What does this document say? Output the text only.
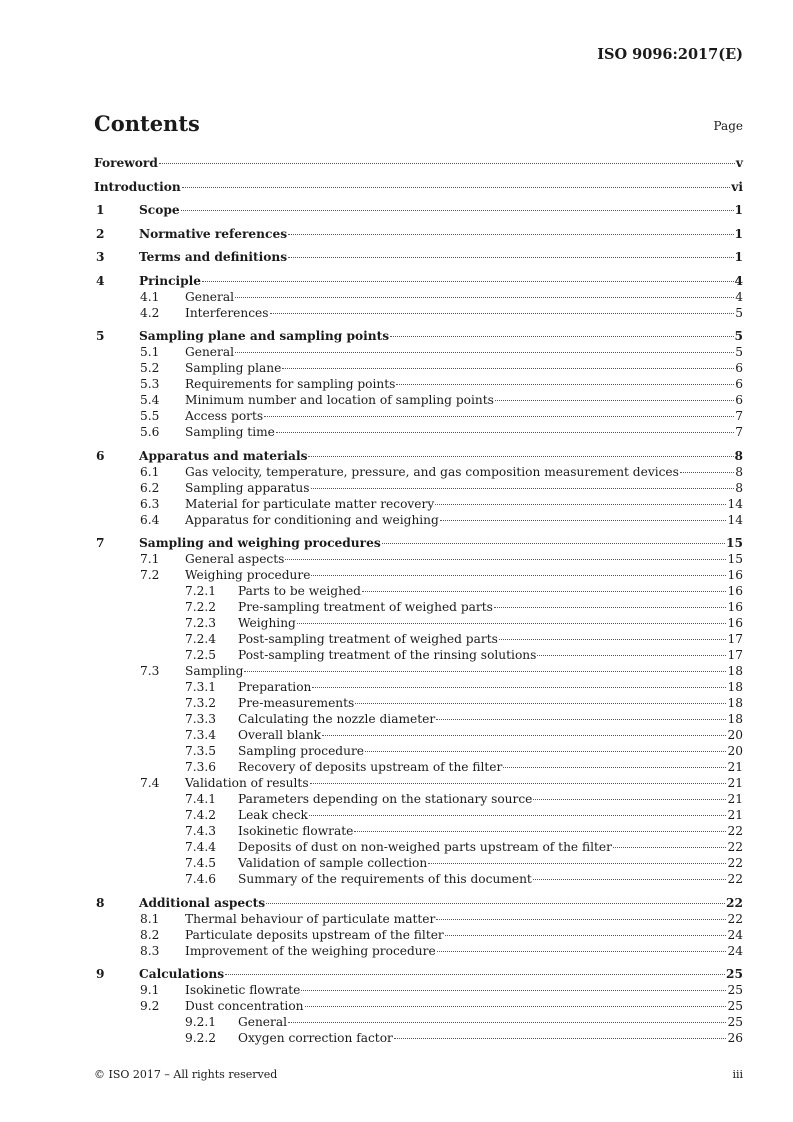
ISO 9096:2017(E)
Contents	Page
Foreword	v
Introduction	vi
1	Scope	1
2	Normative references	1
3	Terms and definitions	1
4	Principle	4
4.1 General	4
4.2 Interferences	5
5	Sampling plane and sampling points	5
5.1 General	5
5.2 Sampling plane	6
5.3 Requirements for sampling points	6
5.4 Minimum number and location of sampling points	6
5.5 Access ports	7
5.6 Sampling time	7
6	Apparatus and materials	8
6.1 Gas velocity, temperature, pressure, and gas composition measurement devices	8
6.2 Sampling apparatus	8
6.3 Material for particulate matter recovery	14
6.4 Apparatus for conditioning and weighing	14
7	Sampling and weighing procedures	15
7.1 General aspects	15
7.2 Weighing procedure	16
7.2.1 Parts to be weighed	16
7.2.2 Pre-sampling treatment of weighed parts	16
7.2.3 Weighing	16
7.2.4 Post-sampling treatment of weighed parts	17
7.2.5 Post-sampling treatment of the rinsing solutions	17
7.3 Sampling	18
7.3.1 Preparation	18
7.3.2 Pre-measurements	18
7.3.3 Calculating the nozzle diameter	18
7.3.4 Overall blank	20
7.3.5 Sampling procedure	20
7.3.6 Recovery of deposits upstream of the filter	21
7.4 Validation of results	21
7.4.1 Parameters depending on the stationary source	21
7.4.2 Leak check	21
7.4.3 Isokinetic flowrate	22
7.4.4 Deposits of dust on non-weighed parts upstream of the filter	22
7.4.5 Validation of sample collection	22
7.4.6 Summary of the requirements of this document	22
8	Additional aspects	22
8.1 Thermal behaviour of particulate matter	22
8.2 Particulate deposits upstream of the filter	24
8.3 Improvement of the weighing procedure	24
9	Calculations	25
9.1 Isokinetic flowrate	25
9.2 Dust concentration	25
9.2.1 General	25
9.2.2 Oxygen correction factor	26
© ISO 2017 – All rights reserved	iii
